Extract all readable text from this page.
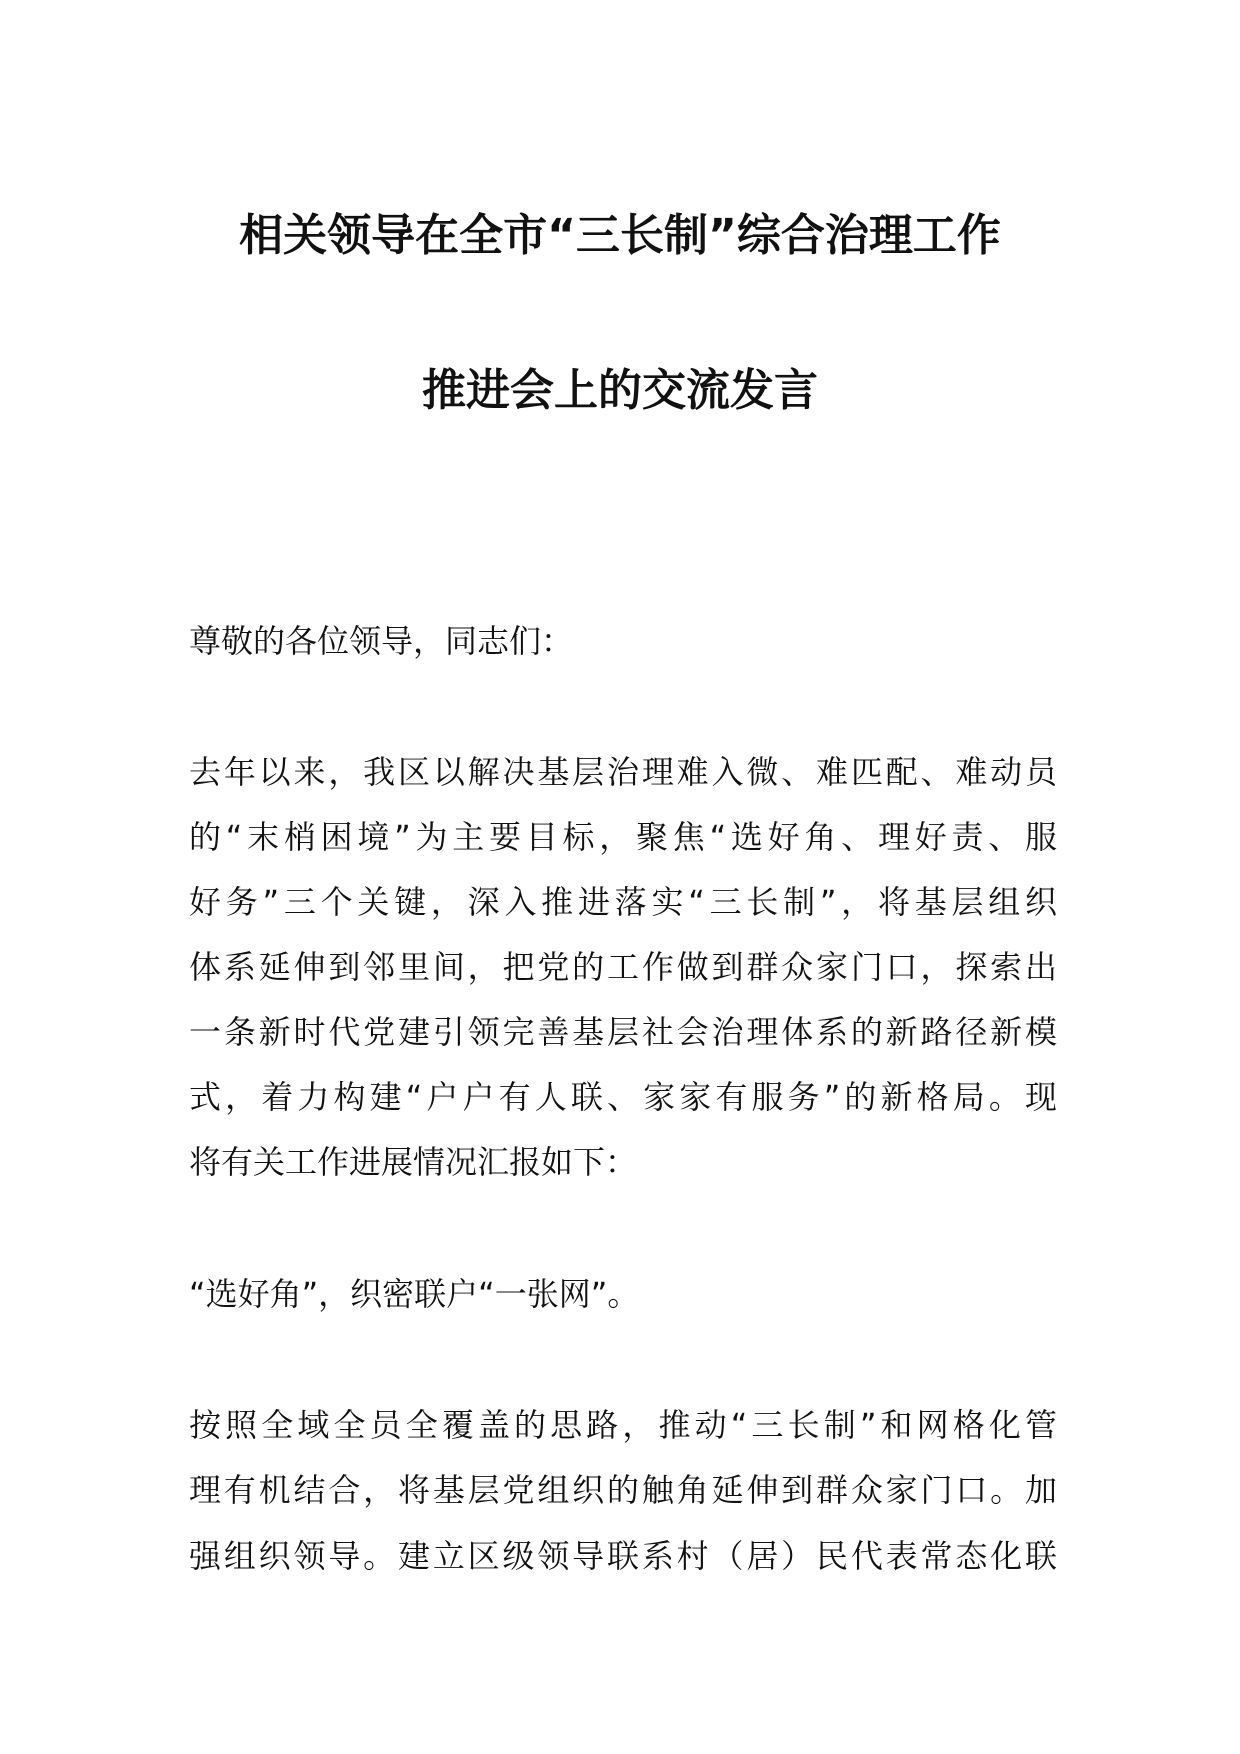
相关领导在全市“三长制”综合治理工作
推进会上的交流发言
尊敬的各位领导，同志们：
去年以来，我区以解决基层治理难入微、难匹配、难动员
的“末梢困境”为主要目标，聚焦“选好角、理好责、服
好务”三个关键，深入推进落实“三长制”，将基层组织
体系延伸到邻里间，把党的工作做到群众家门口，探索出
一条新时代党建引领完善基层社会治理体系的新路径新模
式，着力构建“户户有人联、家家有服务”的新格局。现
将有关工作进展情况汇报如下：
“选好角”，织密联户“一张网”。
按照全域全员全覆盖的思路，推动“三长制”和网格化管
理有机结合，将基层党组织的触角延伸到群众家门口。加
强组织领导。建立区级领导联系村（居）民代表常态化联
